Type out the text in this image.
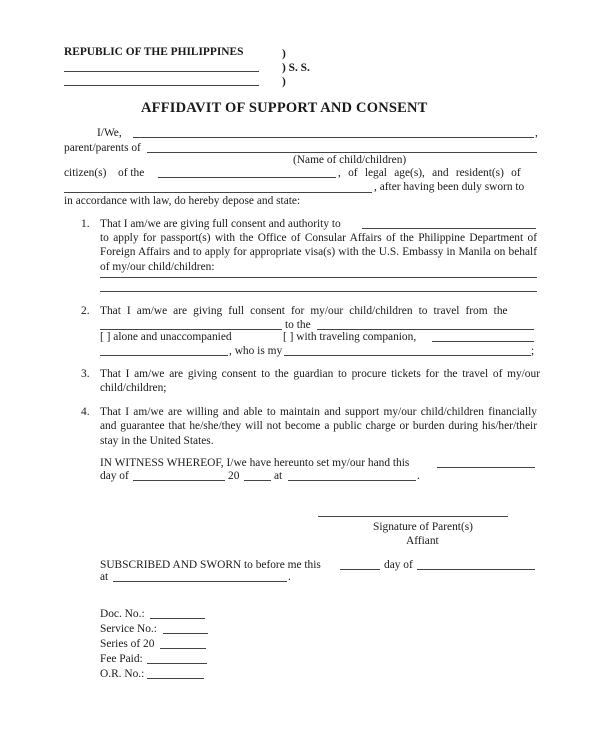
REPUBLIC OF THE PHILIPPINES	)
) S. S.
)
AFFIDAVIT OF SUPPORT AND CONSENT
I/We,	,
parent/parents of
(Name of child/children)
citizen(s) of the	, of legal age(s), and resident(s) of
, after having been duly sworn to
in accordance with law, do hereby depose and state:
1. That I am/we are giving full consent and authority to
to apply for passport(s) with the Office of Consular Affairs of the Philippine Department of Foreign Affairs and to apply for appropriate visa(s) with the U.S. Embassy in Manila on behalf of my/our child/children:
2. That I am/we are giving full consent for my/our child/children to travel from the
to the
[ ] alone and unaccompanied	[ ] with traveling companion,
, who is my	;
3. That I am/we are giving consent to the guardian to procure tickets for the travel of my/our child/children;
4. That I am/we are willing and able to maintain and support my/our child/children financially and guarantee that he/she/they will not become a public charge or burden during his/her/their stay in the United States.
IN WITNESS WHEREOF, I/we have hereunto set my/our hand this
day of	20	at	.
Signature of Parent(s)
Affiant
SUBSCRIBED AND SWORN to before me this	day of
at	.
Doc. No.:
Service No.:
Series of 20
Fee Paid:
O.R. No.:
